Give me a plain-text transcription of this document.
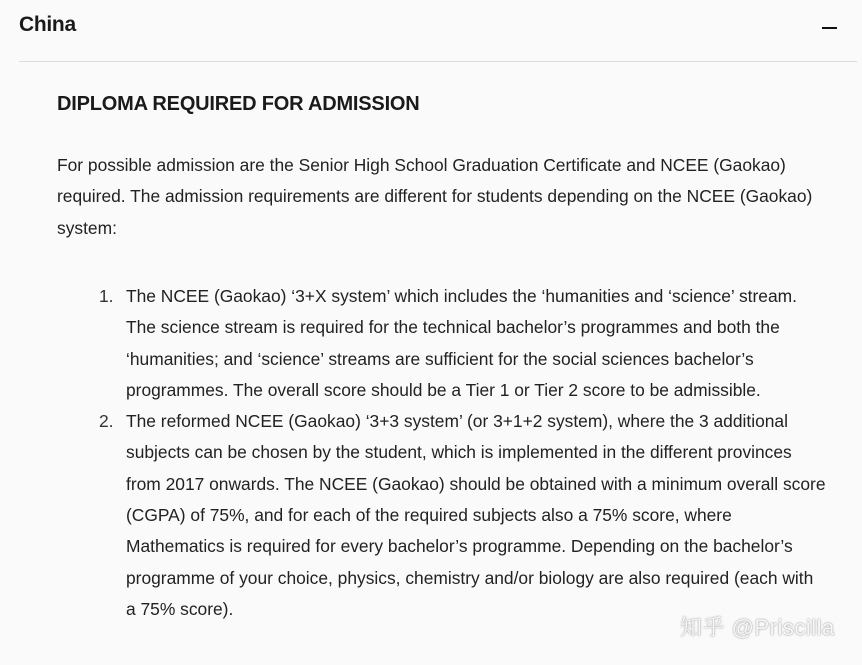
China
DIPLOMA REQUIRED FOR ADMISSION

For possible admission are the Senior High School Graduation Certificate and NCEE (Gaokao) required. The admission requirements are different for students depending on the NCEE (Gaokao) system:

1. The NCEE (Gaokao) ‘3+X system’ which includes the ‘humanities and ‘science’ stream. The science stream is required for the technical bachelor’s programmes and both the ‘humanities; and ‘science’ streams are sufficient for the social sciences bachelor’s programmes. The overall score should be a Tier 1 or Tier 2 score to be admissible.
2. The reformed NCEE (Gaokao) ‘3+3 system’ (or 3+1+2 system), where the 3 additional subjects can be chosen by the student, which is implemented in the different provinces from 2017 onwards. The NCEE (Gaokao) should be obtained with a minimum overall score (CGPA) of 75%, and for each of the required subjects also a 75% score, where Mathematics is required for every bachelor’s programme. Depending on the bachelor’s programme of your choice, physics, chemistry and/or biology are also required (each with a 75% score).
知乎 @Priscilla
